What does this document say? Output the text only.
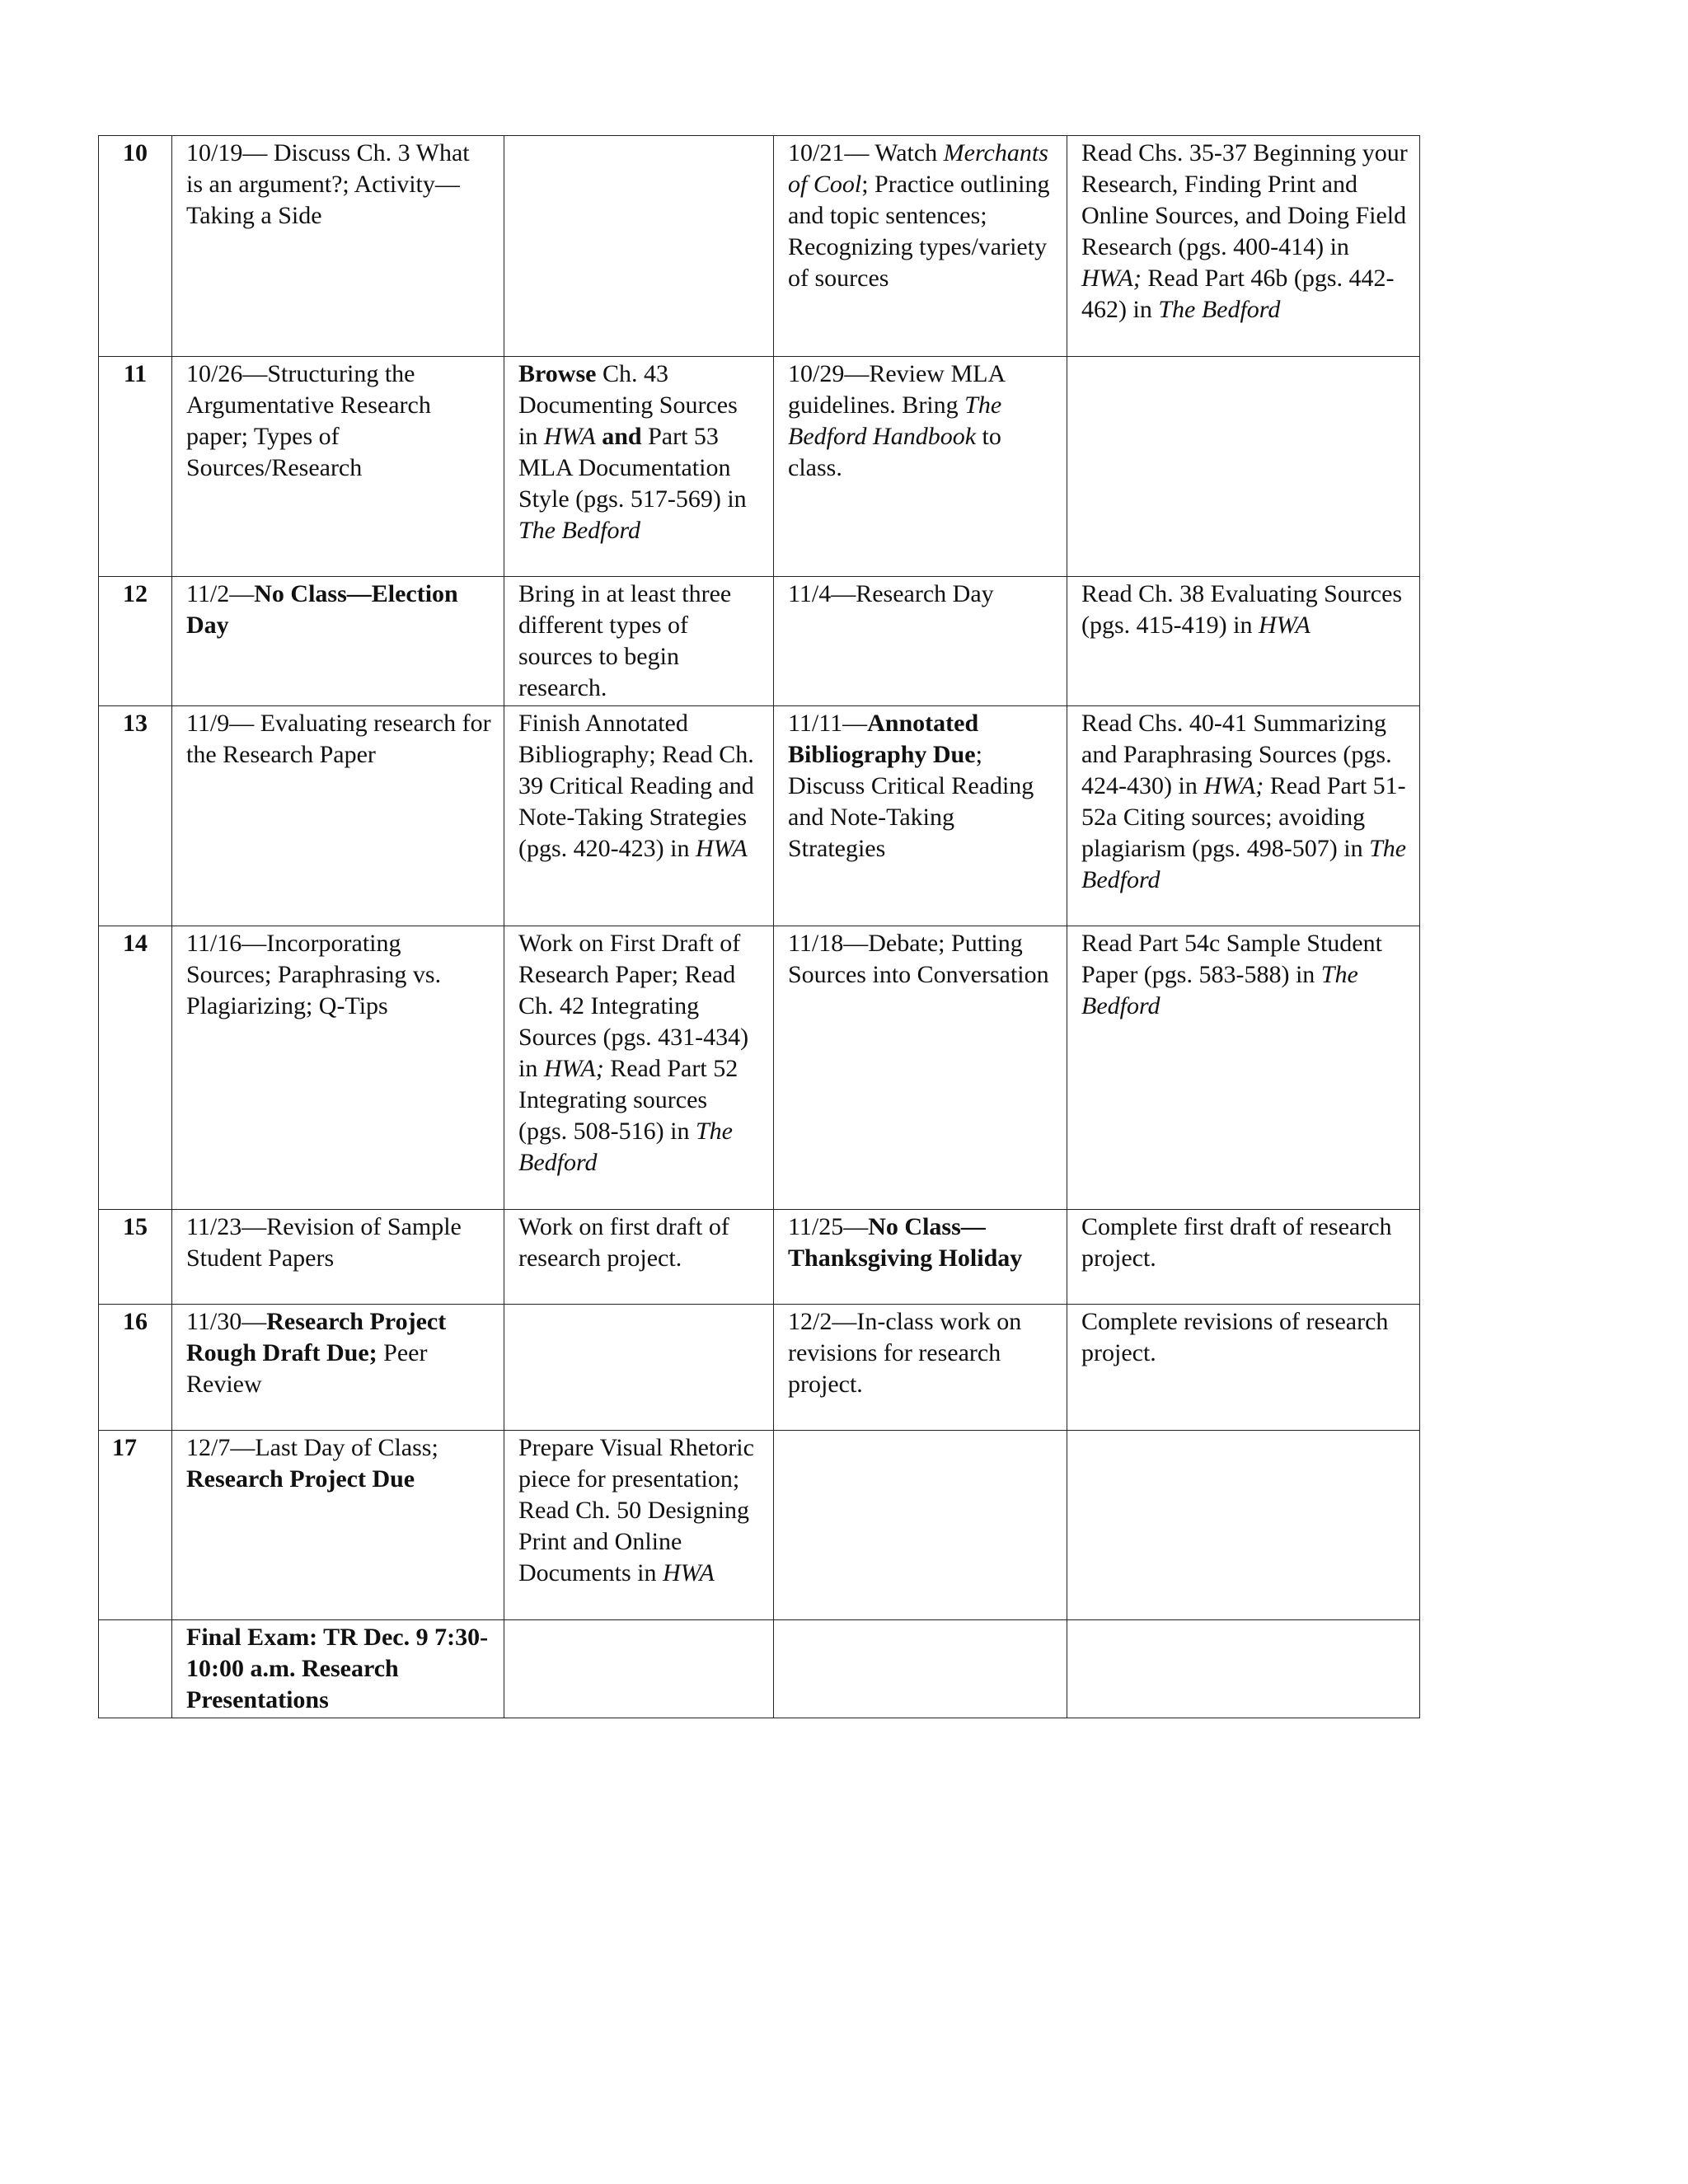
10	10/19— Discuss Ch. 3 What is an argument?; Activity—Taking a Side		10/21— Watch Merchants of Cool; Practice outlining and topic sentences; Recognizing types/variety of sources	Read Chs. 35-37 Beginning your Research, Finding Print and Online Sources, and Doing Field Research (pgs. 400-414) in HWA; Read Part 46b (pgs. 442-462) in The Bedford
11	10/26—Structuring the Argumentative Research paper; Types of Sources/Research	Browse Ch. 43 Documenting Sources in HWA and Part 53 MLA Documentation Style (pgs. 517-569) in The Bedford	10/29—Review MLA guidelines. Bring The Bedford Handbook to class.	
12	11/2—No Class—Election Day	Bring in at least three different types of sources to begin research.	11/4—Research Day	Read Ch. 38 Evaluating Sources (pgs. 415-419) in HWA
13	11/9— Evaluating research for the Research Paper	Finish Annotated Bibliography; Read Ch. 39 Critical Reading and Note-Taking Strategies (pgs. 420-423) in HWA	11/11—Annotated Bibliography Due; Discuss Critical Reading and Note-Taking Strategies	Read Chs. 40-41 Summarizing and Paraphrasing Sources (pgs. 424-430) in HWA; Read Part 51-52a Citing sources; avoiding plagiarism (pgs. 498-507) in The Bedford
14	11/16—Incorporating Sources; Paraphrasing vs. Plagiarizing; Q-Tips	Work on First Draft of Research Paper; Read Ch. 42 Integrating Sources (pgs. 431-434) in HWA; Read Part 52 Integrating sources (pgs. 508-516) in The Bedford	11/18—Debate; Putting Sources into Conversation	Read Part 54c Sample Student Paper (pgs. 583-588) in The Bedford
15	11/23—Revision of Sample Student Papers	Work on first draft of research project.	11/25—No Class—Thanksgiving Holiday	Complete first draft of research project.
16	11/30—Research Project Rough Draft Due; Peer Review		12/2—In-class work on revisions for research project.	Complete revisions of research project.
17	12/7—Last Day of Class; Research Project Due	Prepare Visual Rhetoric piece for presentation; Read Ch. 50 Designing Print and Online Documents in HWA		
	Final Exam: TR Dec. 9 7:30-10:00 a.m. Research Presentations			
